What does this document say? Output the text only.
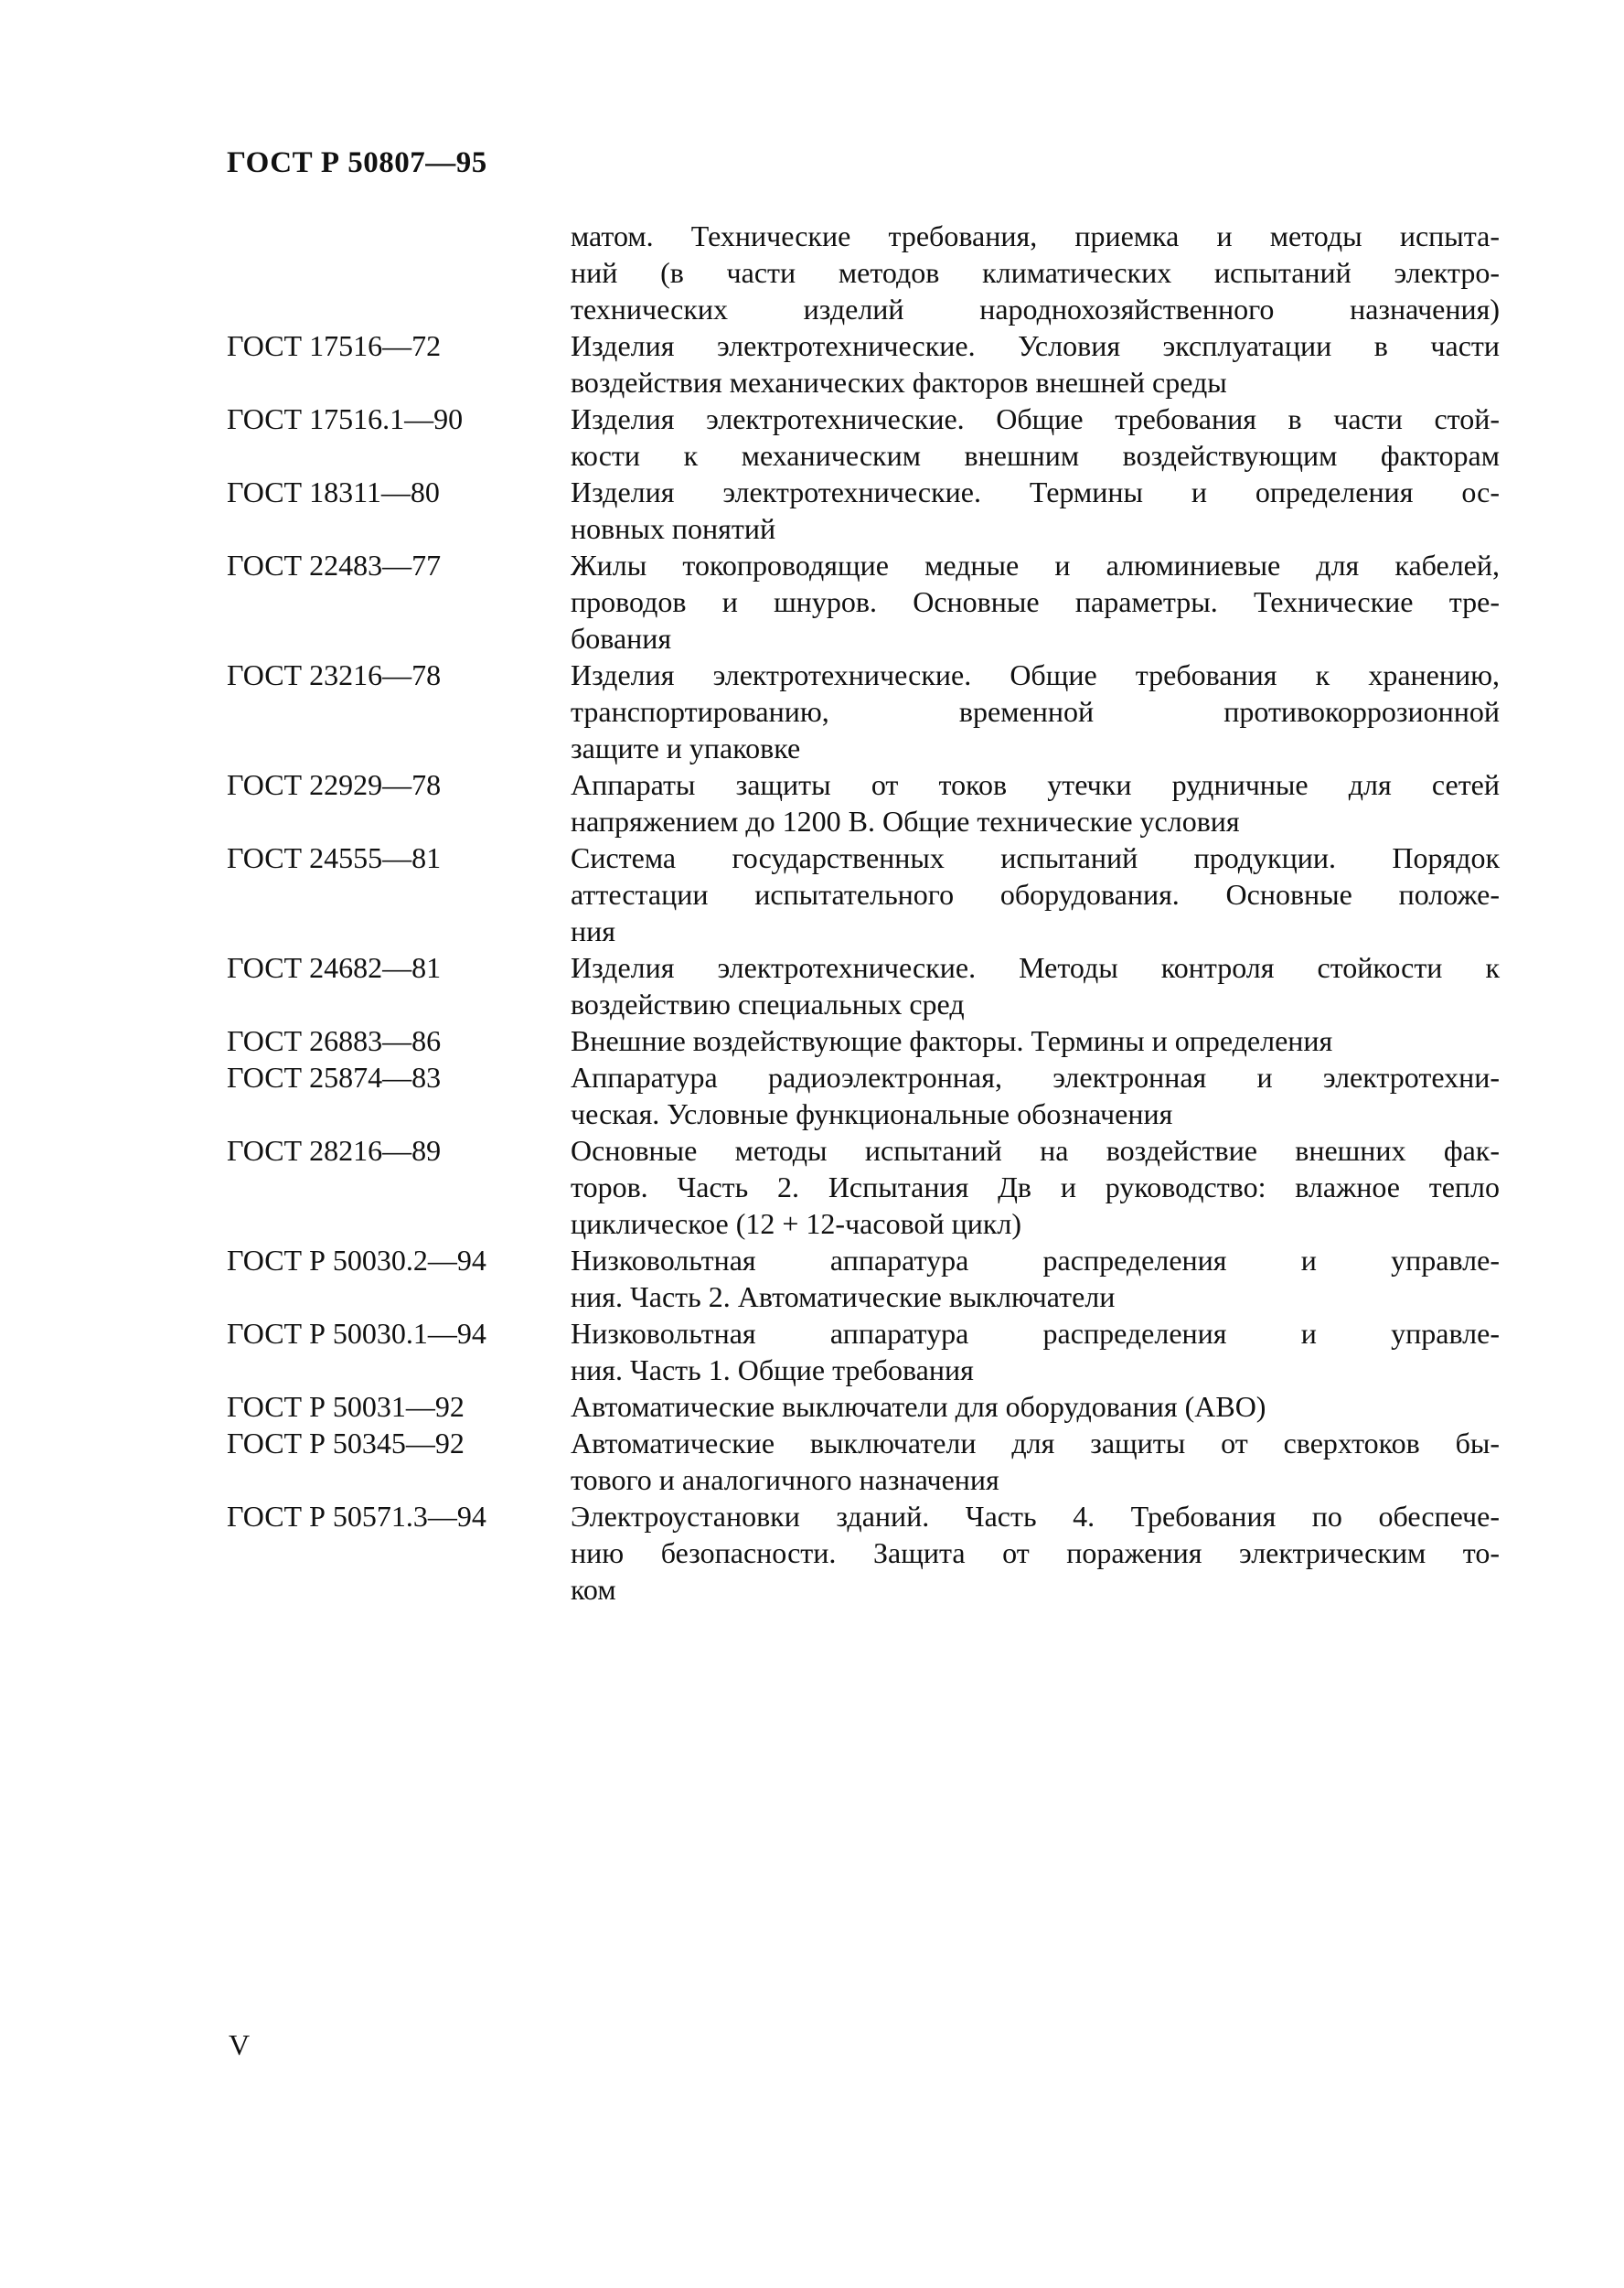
ГОСТ Р 50807—95
матом. Технические требования, приемка и методы испыта-
ний (в части методов климатических испытаний электро-
технических изделий народнохозяйственного назначения)
ГОСТ 17516—72	Изделия электротехнические. Условия эксплуатации в части
воздействия механических факторов внешней среды
ГОСТ 17516.1—90	Изделия электротехнические. Общие требования в части стой-
кости к механическим внешним воздействующим факторам
ГОСТ 18311—80	Изделия электротехнические. Термины и определения ос-
новных понятий
ГОСТ 22483—77	Жилы токопроводящие медные и алюминиевые для кабелей,
проводов и шнуров. Основные параметры. Технические тре-
бования
ГОСТ 23216—78	Изделия электротехнические. Общие требования к хранению,
транспортированию, временной противокоррозионной
защите и упаковке
ГОСТ 22929—78	Аппараты защиты от токов утечки рудничные для сетей
напряжением до 1200 В. Общие технические условия
ГОСТ 24555—81	Система государственных испытаний продукции. Порядок
аттестации испытательного оборудования. Основные положе-
ния
ГОСТ 24682—81	Изделия электротехнические. Методы контроля стойкости к
воздействию специальных сред
ГОСТ 26883—86	Внешние воздействующие факторы. Термины и определения
ГОСТ 25874—83	Аппаратура радиоэлектронная, электронная и электротехни-
ческая. Условные функциональные обозначения
ГОСТ 28216—89	Основные методы испытаний на воздействие внешних фак-
торов. Часть 2. Испытания Дв и руководство: влажное тепло
циклическое (12 + 12-часовой цикл)
ГОСТ Р 50030.2—94	Низковольтная аппаратура распределения и управле-
ния. Часть 2. Автоматические выключатели
ГОСТ Р 50030.1—94	Низковольтная аппаратура распределения и управле-
ния. Часть 1. Общие требования
ГОСТ Р 50031—92	Автоматические выключатели для оборудования (АВО)
ГОСТ Р 50345—92	Автоматические выключатели для защиты от сверхтоков бы-
тового и аналогичного назначения
ГОСТ Р 50571.3—94	Электроустановки зданий. Часть 4. Требования по обеспече-
нию безопасности. Защита от поражения электрическим то-
ком
V
